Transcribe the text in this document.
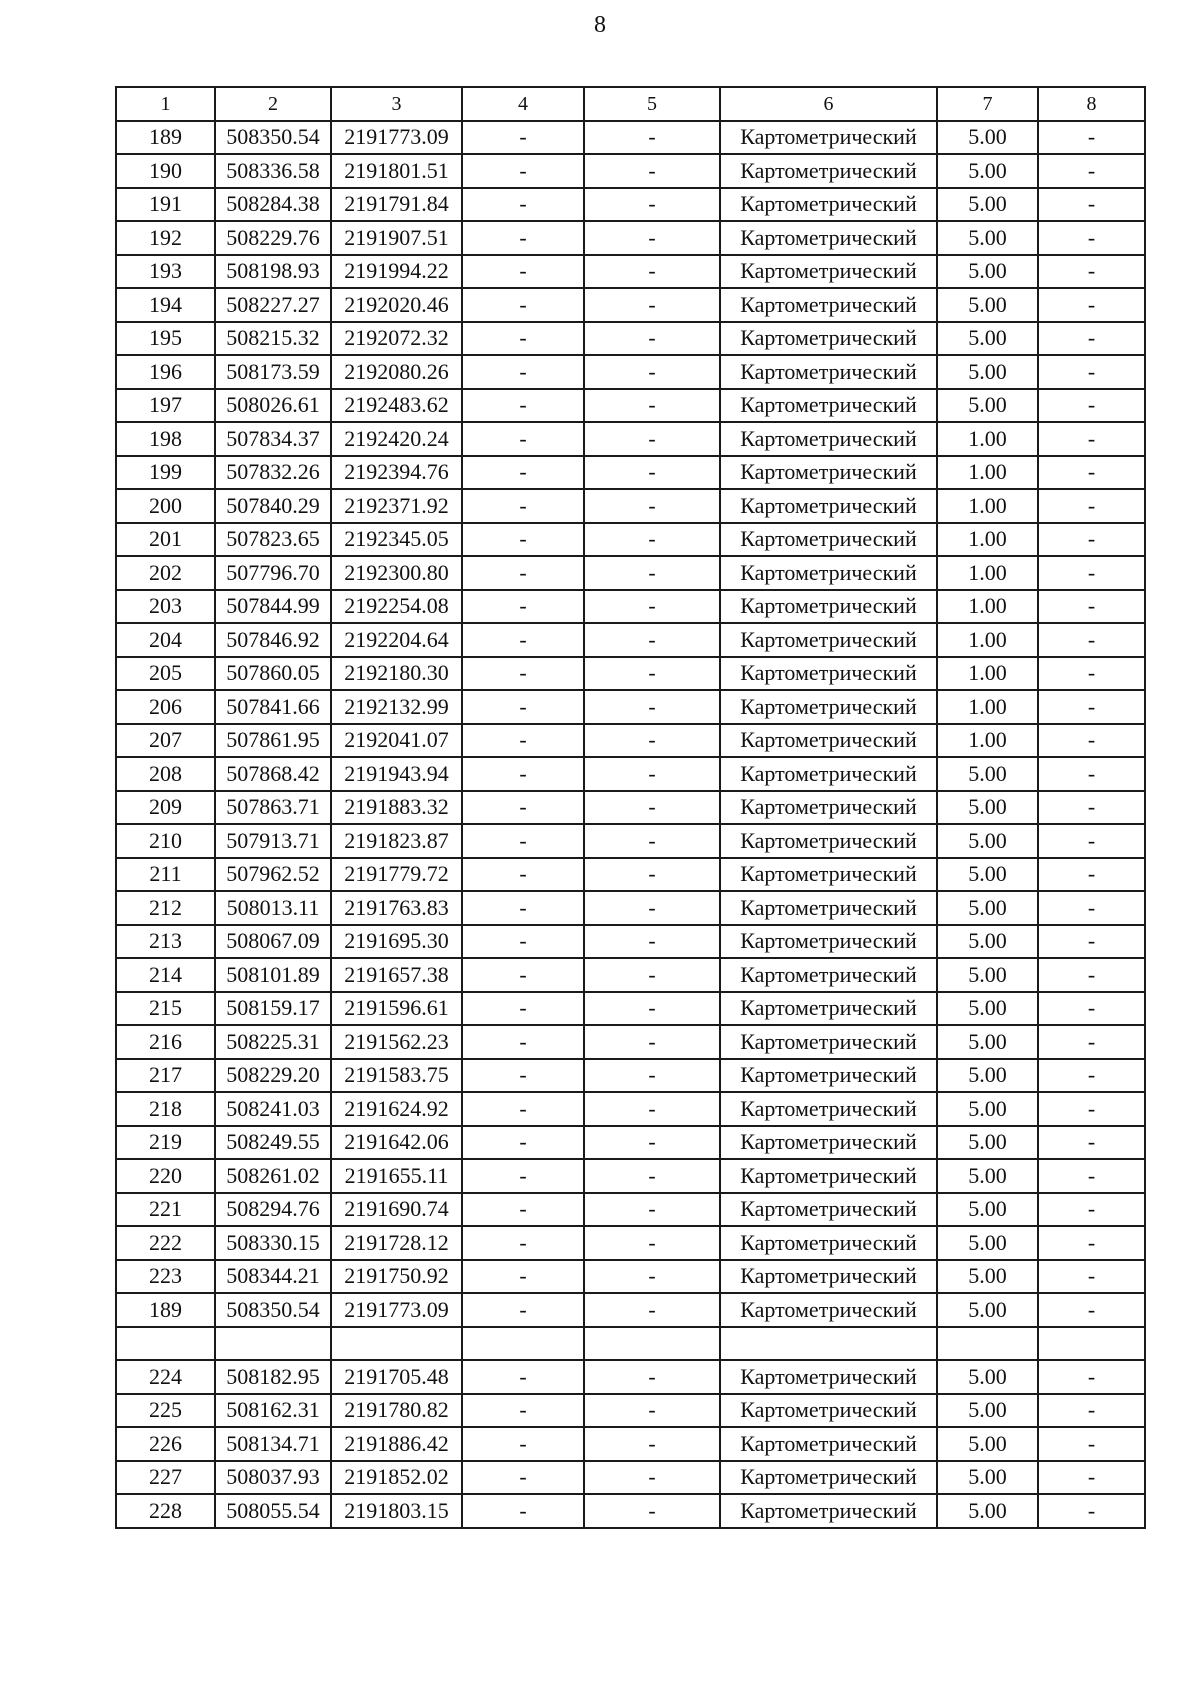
8
1	2	3	4	5	6	7	8
189	508350.54	2191773.09	-	-	Картометрический	5.00	-
190	508336.58	2191801.51	-	-	Картометрический	5.00	-
191	508284.38	2191791.84	-	-	Картометрический	5.00	-
192	508229.76	2191907.51	-	-	Картометрический	5.00	-
193	508198.93	2191994.22	-	-	Картометрический	5.00	-
194	508227.27	2192020.46	-	-	Картометрический	5.00	-
195	508215.32	2192072.32	-	-	Картометрический	5.00	-
196	508173.59	2192080.26	-	-	Картометрический	5.00	-
197	508026.61	2192483.62	-	-	Картометрический	5.00	-
198	507834.37	2192420.24	-	-	Картометрический	1.00	-
199	507832.26	2192394.76	-	-	Картометрический	1.00	-
200	507840.29	2192371.92	-	-	Картометрический	1.00	-
201	507823.65	2192345.05	-	-	Картометрический	1.00	-
202	507796.70	2192300.80	-	-	Картометрический	1.00	-
203	507844.99	2192254.08	-	-	Картометрический	1.00	-
204	507846.92	2192204.64	-	-	Картометрический	1.00	-
205	507860.05	2192180.30	-	-	Картометрический	1.00	-
206	507841.66	2192132.99	-	-	Картометрический	1.00	-
207	507861.95	2192041.07	-	-	Картометрический	1.00	-
208	507868.42	2191943.94	-	-	Картометрический	5.00	-
209	507863.71	2191883.32	-	-	Картометрический	5.00	-
210	507913.71	2191823.87	-	-	Картометрический	5.00	-
211	507962.52	2191779.72	-	-	Картометрический	5.00	-
212	508013.11	2191763.83	-	-	Картометрический	5.00	-
213	508067.09	2191695.30	-	-	Картометрический	5.00	-
214	508101.89	2191657.38	-	-	Картометрический	5.00	-
215	508159.17	2191596.61	-	-	Картометрический	5.00	-
216	508225.31	2191562.23	-	-	Картометрический	5.00	-
217	508229.20	2191583.75	-	-	Картометрический	5.00	-
218	508241.03	2191624.92	-	-	Картометрический	5.00	-
219	508249.55	2191642.06	-	-	Картометрический	5.00	-
220	508261.02	2191655.11	-	-	Картометрический	5.00	-
221	508294.76	2191690.74	-	-	Картометрический	5.00	-
222	508330.15	2191728.12	-	-	Картометрический	5.00	-
223	508344.21	2191750.92	-	-	Картометрический	5.00	-
189	508350.54	2191773.09	-	-	Картометрический	5.00	-

224	508182.95	2191705.48	-	-	Картометрический	5.00	-
225	508162.31	2191780.82	-	-	Картометрический	5.00	-
226	508134.71	2191886.42	-	-	Картометрический	5.00	-
227	508037.93	2191852.02	-	-	Картометрический	5.00	-
228	508055.54	2191803.15	-	-	Картометрический	5.00	-
